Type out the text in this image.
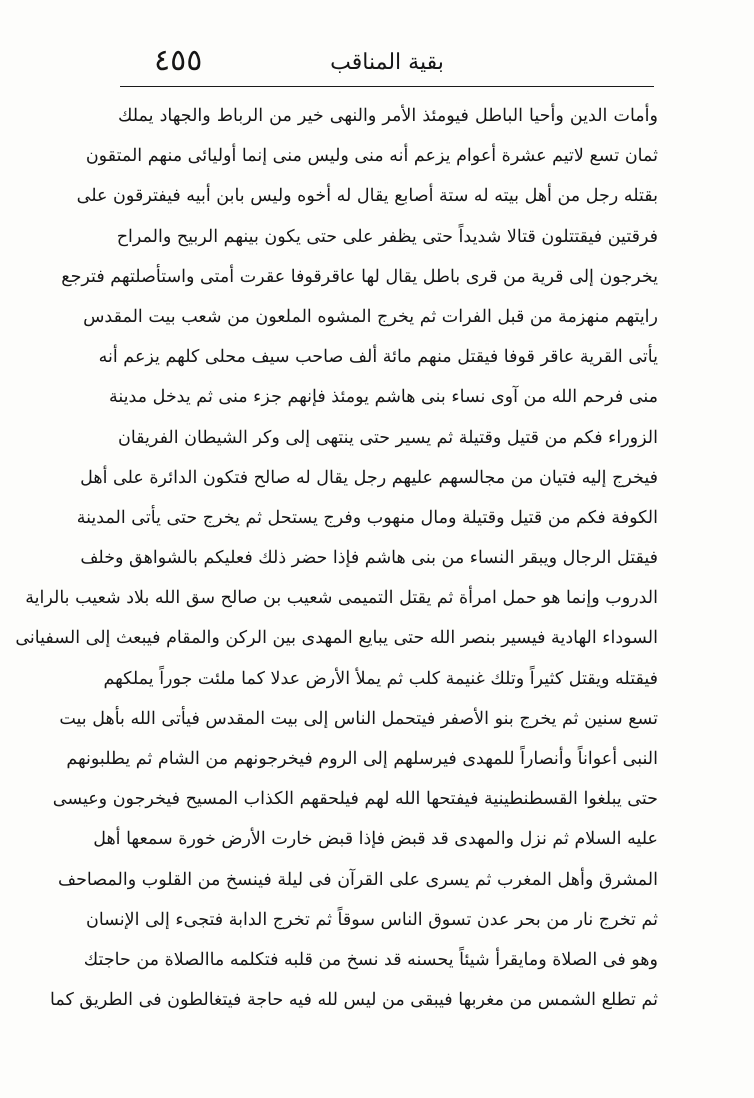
بقية المناقب
٤٥٥
وأمات الدين وأحيا الباطل فيومئذ الأمر والنهى خير من الرباط والجهاد يملك
ثمان تسع لاتيم عشرة أعوام يزعم أنه منى وليس منى إنما أوليائى منهم المتقون
بقتله رجل من أهل بيته له ستة أصابع يقال له أخوه وليس بابن أبيه فيفترقون على
فرقتين فيقتتلون قتالا شديداً حتى يظفر على حتى يكون بينهم الربيح والمراح
يخرجون إلى قرية من قرى باطل يقال لها عاقرقوفا عقرت أمتى واستأصلتهم فترجع
رايتهم منهزمة من قبل الفرات ثم يخرج المشوه الملعون من شعب بيت المقدس
يأتى القرية عاقر قوفا فيقتل منهم مائة ألف صاحب سيف محلى كلهم يزعم أنه
منى فرحم الله من آوى نساء بنى هاشم يومئذ فإنهم جزء منى ثم يدخل مدينة
الزوراء فكم من قتيل وقتيلة ثم يسير حتى ينتهى إلى وكر الشيطان الفريقان
فيخرج إليه فتيان من مجالسهم عليهم رجل يقال له صالح فتكون الدائرة على أهل
الكوفة فكم من قتيل وقتيلة ومال منهوب وفرج يستحل ثم يخرج حتى يأتى المدينة
فيقتل الرجال ويبقر النساء من بنى هاشم فإذا حضر ذلك فعليكم بالشواهق وخلف
الدروب وإنما هو حمل امرأة ثم يقتل التميمى شعيب بن صالح سق الله بلاد شعيب بالراية
السوداء الهادية فيسير بنصر الله حتى يبايع المهدى بين الركن والمقام فيبعث إلى السفيانى
فيقتله ويقتل كثيراً وتلك غنيمة كلب ثم يملأ الأرض عدلا كما ملئت جوراً يملكهم
تسع سنين ثم يخرج بنو الأصفر فيتحمل الناس إلى بيت المقدس فيأتى الله بأهل بيت
النبى أعواناً وأنصاراً للمهدى فيرسلهم إلى الروم فيخرجونهم من الشام ثم يطلبونهم
حتى يبلغوا القسطنطينية فيفتحها الله لهم فيلحقهم الكذاب المسيح فيخرجون وعيسى
عليه السلام ثم نزل والمهدى قد قبض فإذا قبض خارت الأرض خورة سمعها أهل
المشرق وأهل المغرب ثم يسرى على القرآن فى ليلة فينسخ من القلوب والمصاحف
ثم تخرج نار من بحر عدن تسوق الناس سوقاً ثم تخرج الدابة فتجىء إلى الإنسان
وهو فى الصلاة ومايقرأ شيئاً يحسنه قد نسخ من قلبه فتكلمه ماالصلاة من حاجتك
ثم تطلع الشمس من مغربها فيبقى من ليس لله فيه حاجة فيتغالطون فى الطريق كما
